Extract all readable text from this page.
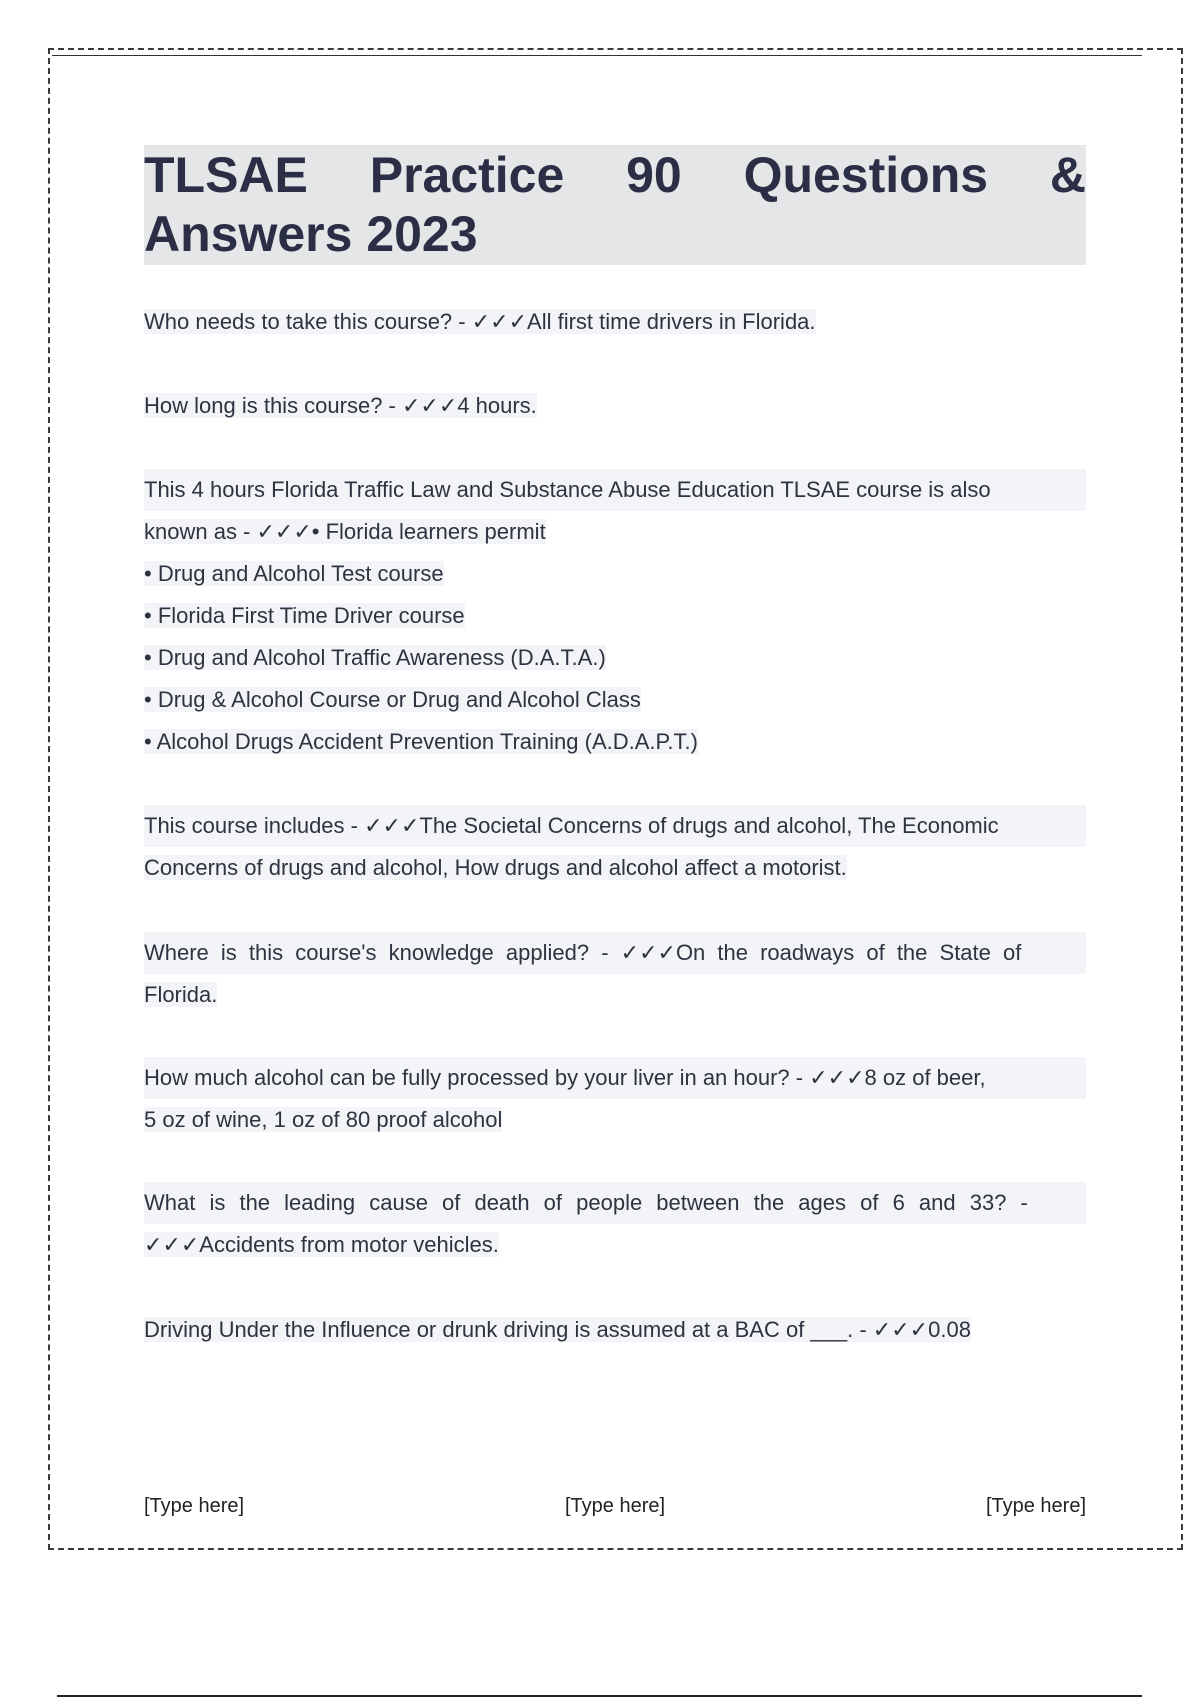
TLSAE Practice 90 Questions &
Answers 2023
Who needs to take this course? - ✓✓✓All first time drivers in Florida.
How long is this course? - ✓✓✓4 hours.
This 4 hours Florida Traffic Law and Substance Abuse Education TLSAE course is also
known as - ✓✓✓• Florida learners permit
• Drug and Alcohol Test course
• Florida First Time Driver course
• Drug and Alcohol Traffic Awareness (D.A.T.A.)
• Drug & Alcohol Course or Drug and Alcohol Class
• Alcohol Drugs Accident Prevention Training (A.D.A.P.T.)
This course includes - ✓✓✓The Societal Concerns of drugs and alcohol, The Economic
Concerns of drugs and alcohol, How drugs and alcohol affect a motorist.
Where is this course's knowledge applied? - ✓✓✓On the roadways of the State of
Florida.
How much alcohol can be fully processed by your liver in an hour? - ✓✓✓8 oz of beer,
5 oz of wine, 1 oz of 80 proof alcohol
What is the leading cause of death of people between the ages of 6 and 33? -
✓✓✓Accidents from motor vehicles.
Driving Under the Influence or drunk driving is assumed at a BAC of ___. - ✓✓✓0.08
[Type here]	[Type here]	[Type here]
